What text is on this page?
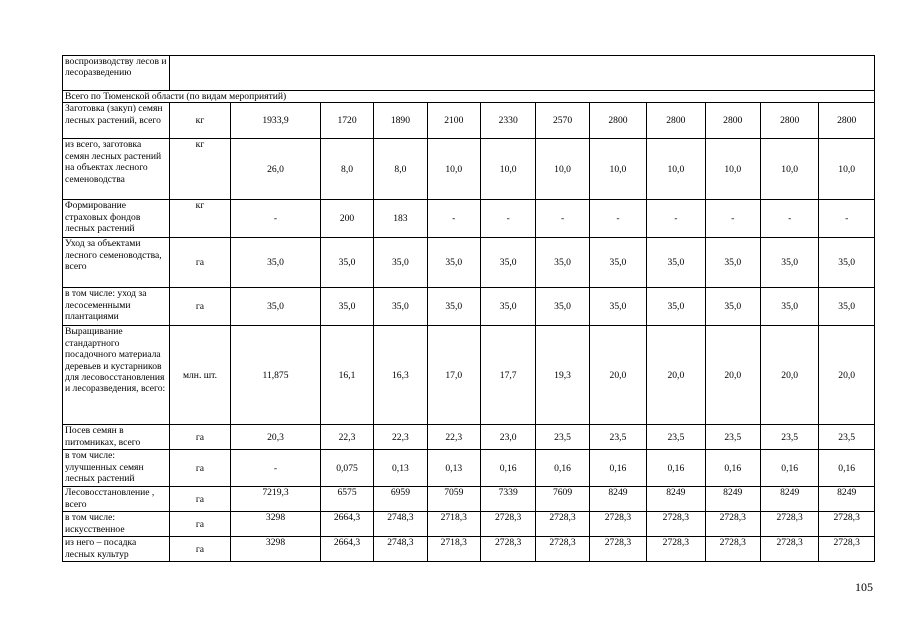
воспроизводству лесов и лесоразведению												
Всего по Тюменской области (по видам мероприятий)												
Заготовка (закуп) семян лесных растений, всего	кг	1933,9	1720	1890	2100	2330	2570	2800	2800	2800	2800	2800
из всего, заготовка семян лесных растений на объектах лесного семеноводства	кг	26,0	8,0	8,0	10,0	10,0	10,0	10,0	10,0	10,0	10,0	10,0
Формирование страховых фондов лесных растений	кг	-	200	183	-	-	-	-	-	-	-	-
Уход за объектами лесного семеноводства, всего	га	35,0	35,0	35,0	35,0	35,0	35,0	35,0	35,0	35,0	35,0	35,0
в том числе: уход за лесосеменными плантациями	га	35,0	35,0	35,0	35,0	35,0	35,0	35,0	35,0	35,0	35,0	35,0
Выращивание стандартного посадочного материала деревьев и кустарников для лесовосстановления и лесоразведения, всего:	млн. шт.	11,875	16,1	16,3	17,0	17,7	19,3	20,0	20,0	20,0	20,0	20,0
Посев семян в питомниках, всего	га	20,3	22,3	22,3	22,3	23,0	23,5	23,5	23,5	23,5	23,5	23,5
в том числе: улучшенных семян лесных растений	га	-	0,075	0,13	0,13	0,16	0,16	0,16	0,16	0,16	0,16	0,16
Лесовосстановление , всего	га	7219,3	6575	6959	7059	7339	7609	8249	8249	8249	8249	8249
в том числе: искусственное	га	3298	2664,3	2748,3	2718,3	2728,3	2728,3	2728,3	2728,3	2728,3	2728,3	2728,3
из него – посадка лесных культур	га	3298	2664,3	2748,3	2718,3	2728,3	2728,3	2728,3	2728,3	2728,3	2728,3	2728,3
105
